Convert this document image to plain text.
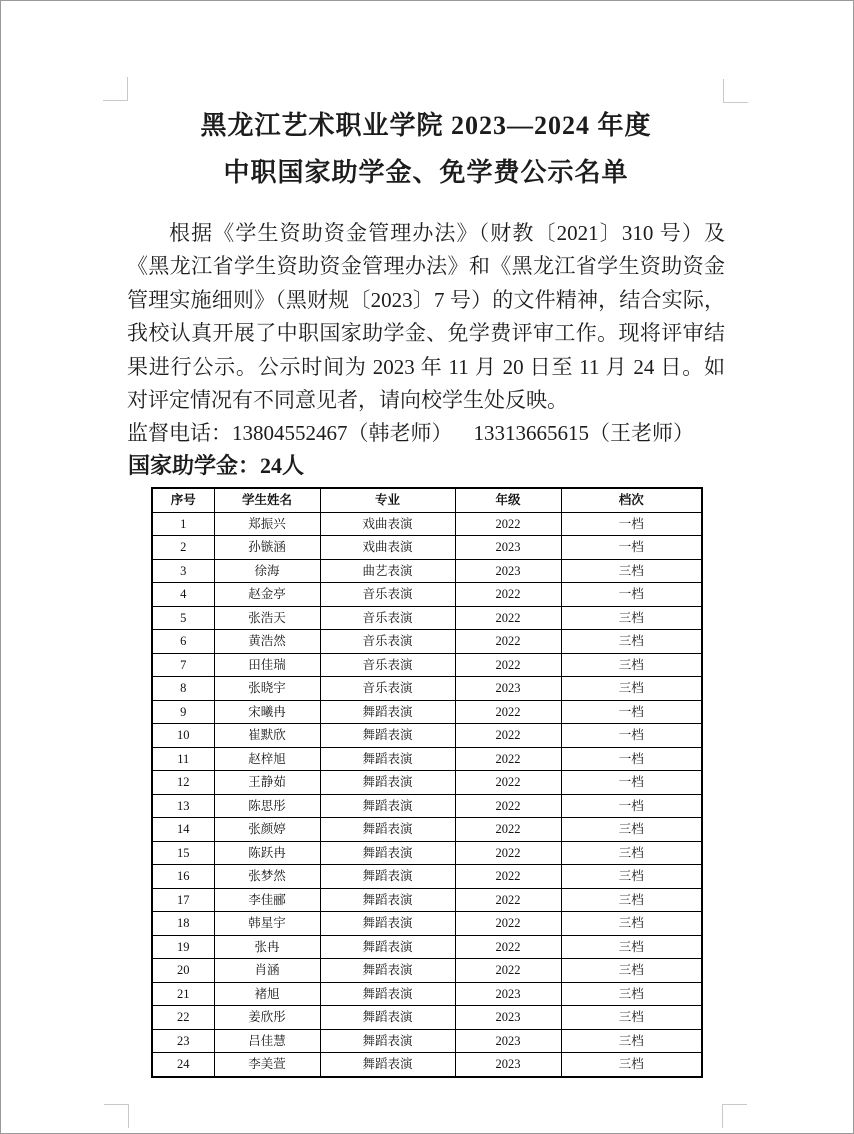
黑龙江艺术职业学院 2023—2024 年度
中职国家助学金、免学费公示名单
根据《学生资助资金管理办法》（财教〔2021〕310 号）及
《黑龙江省学生资助资金管理办法》和《黑龙江省学生资助资金
管理实施细则》（黑财规〔2023〕7 号）的文件精神，结合实际，
我校认真开展了中职国家助学金、免学费评审工作。现将评审结
果进行公示。公示时间为 2023 年 11 月 20 日至 11 月 24 日。如
对评定情况有不同意见者，请向校学生处反映。
监督电话：13804552467（韩老师）    13313665615（王老师）
国家助学金：24人
序号	学生姓名	专业	年级	档次
1	郑振兴	戏曲表演	2022	一档
2	孙镞涵	戏曲表演	2023	一档
3	徐海	曲艺表演	2023	三档
4	赵金亭	音乐表演	2022	一档
5	张浩天	音乐表演	2022	三档
6	黄浩然	音乐表演	2022	三档
7	田佳瑞	音乐表演	2022	三档
8	张晓宇	音乐表演	2023	三档
9	宋曦冉	舞蹈表演	2022	一档
10	崔默欣	舞蹈表演	2022	一档
11	赵梓旭	舞蹈表演	2022	一档
12	王静茹	舞蹈表演	2022	一档
13	陈思彤	舞蹈表演	2022	一档
14	张颜婷	舞蹈表演	2022	三档
15	陈跃冉	舞蹈表演	2022	三档
16	张梦然	舞蹈表演	2022	三档
17	李佳郦	舞蹈表演	2022	三档
18	韩星宇	舞蹈表演	2022	三档
19	张冉	舞蹈表演	2022	三档
20	肖涵	舞蹈表演	2022	三档
21	褚旭	舞蹈表演	2023	三档
22	姜欣彤	舞蹈表演	2023	三档
23	吕佳慧	舞蹈表演	2023	三档
24	李美萱	舞蹈表演	2023	三档
